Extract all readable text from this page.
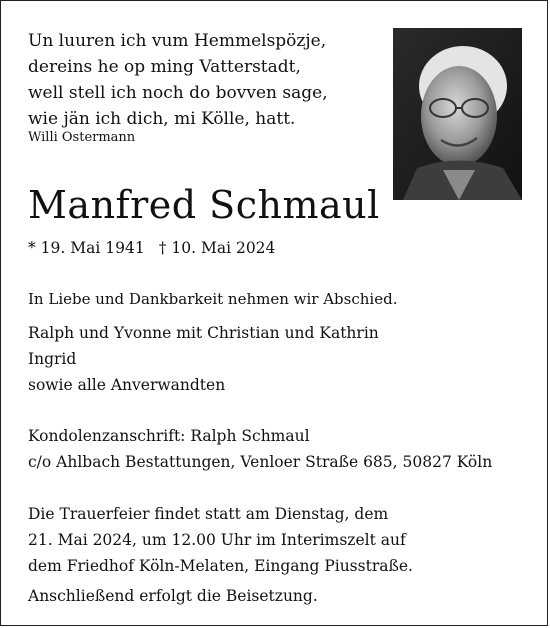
Un luuren ich vum Hemmelspözje,
dereins he op ming Vatterstadt,
well stell ich noch do bovven sage,
wie jän ich dich, mi Kölle, hatt.
Willi Ostermann
Manfred Schmaul
* 19. Mai 1941 † 10. Mai 2024
In Liebe und Dankbarkeit nehmen wir Abschied.
Ralph und Yvonne mit Christian und Kathrin
Ingrid
sowie alle Anverwandten
Kondolenzanschrift: Ralph Schmaul
c/o Ahlbach Bestattungen, Venloer Straße 685, 50827 Köln
Die Trauerfeier findet statt am Dienstag, dem
21. Mai 2024, um 12.00 Uhr im Interimszelt auf
dem Friedhof Köln-Melaten, Eingang Piusstraße.
Anschließend erfolgt die Beisetzung.
